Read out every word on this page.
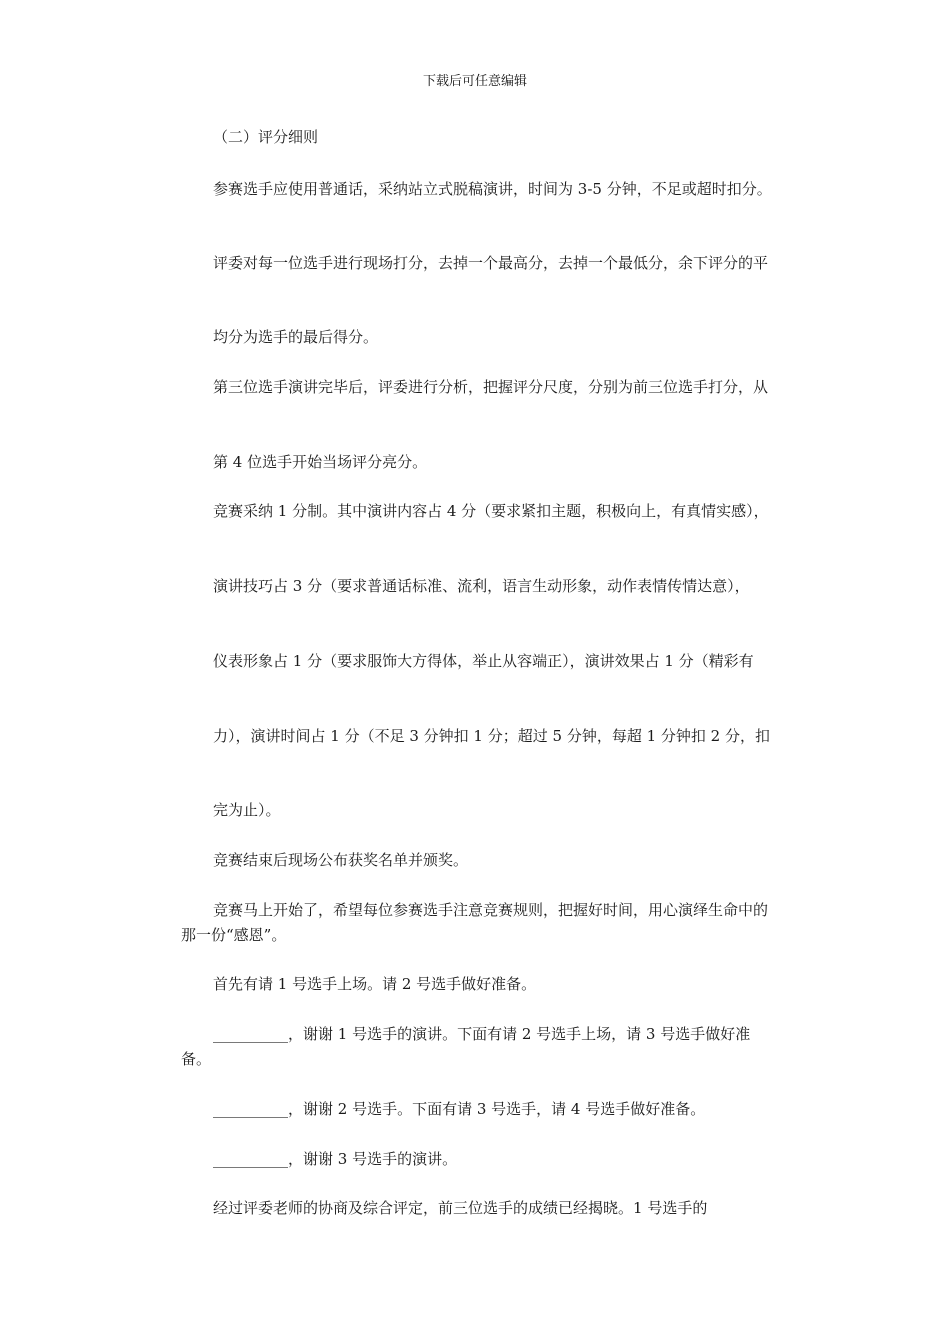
下载后可任意编辑

（二）评分细则

参赛选手应使用普通话，采纳站立式脱稿演讲，时间为 3-5 分钟，不足或超时扣分。

评委对每一位选手进行现场打分，去掉一个最高分，去掉一个最低分，余下评分的平

均分为选手的最后得分。

第三位选手演讲完毕后，评委进行分析，把握评分尺度，分别为前三位选手打分，从

第 4 位选手开始当场评分亮分。

竞赛采纳 1 分制。其中演讲内容占 4 分（要求紧扣主题，积极向上，有真情实感），

演讲技巧占 3 分（要求普通话标准、流利，语言生动形象，动作表情传情达意），

仪表形象占 1 分（要求服饰大方得体，举止从容端正），演讲效果占 1 分（精彩有

力），演讲时间占 1 分（不足 3 分钟扣 1 分；超过 5 分钟，每超 1 分钟扣 2 分，扣

完为止）。

竞赛结束后现场公布获奖名单并颁奖。

竞赛马上开始了，希望每位参赛选手注意竞赛规则，把握好时间，用心演绎生命中的那一份“感恩”。

首先有请 1 号选手上场。请 2 号选手做好准备。

__________，谢谢 1 号选手的演讲。下面有请 2 号选手上场，请 3 号选手做好准备。

__________，谢谢 2 号选手。下面有请 3 号选手，请 4 号选手做好准备。

__________，谢谢 3 号选手的演讲。

经过评委老师的协商及综合评定，前三位选手的成绩已经揭晓。1 号选手的
